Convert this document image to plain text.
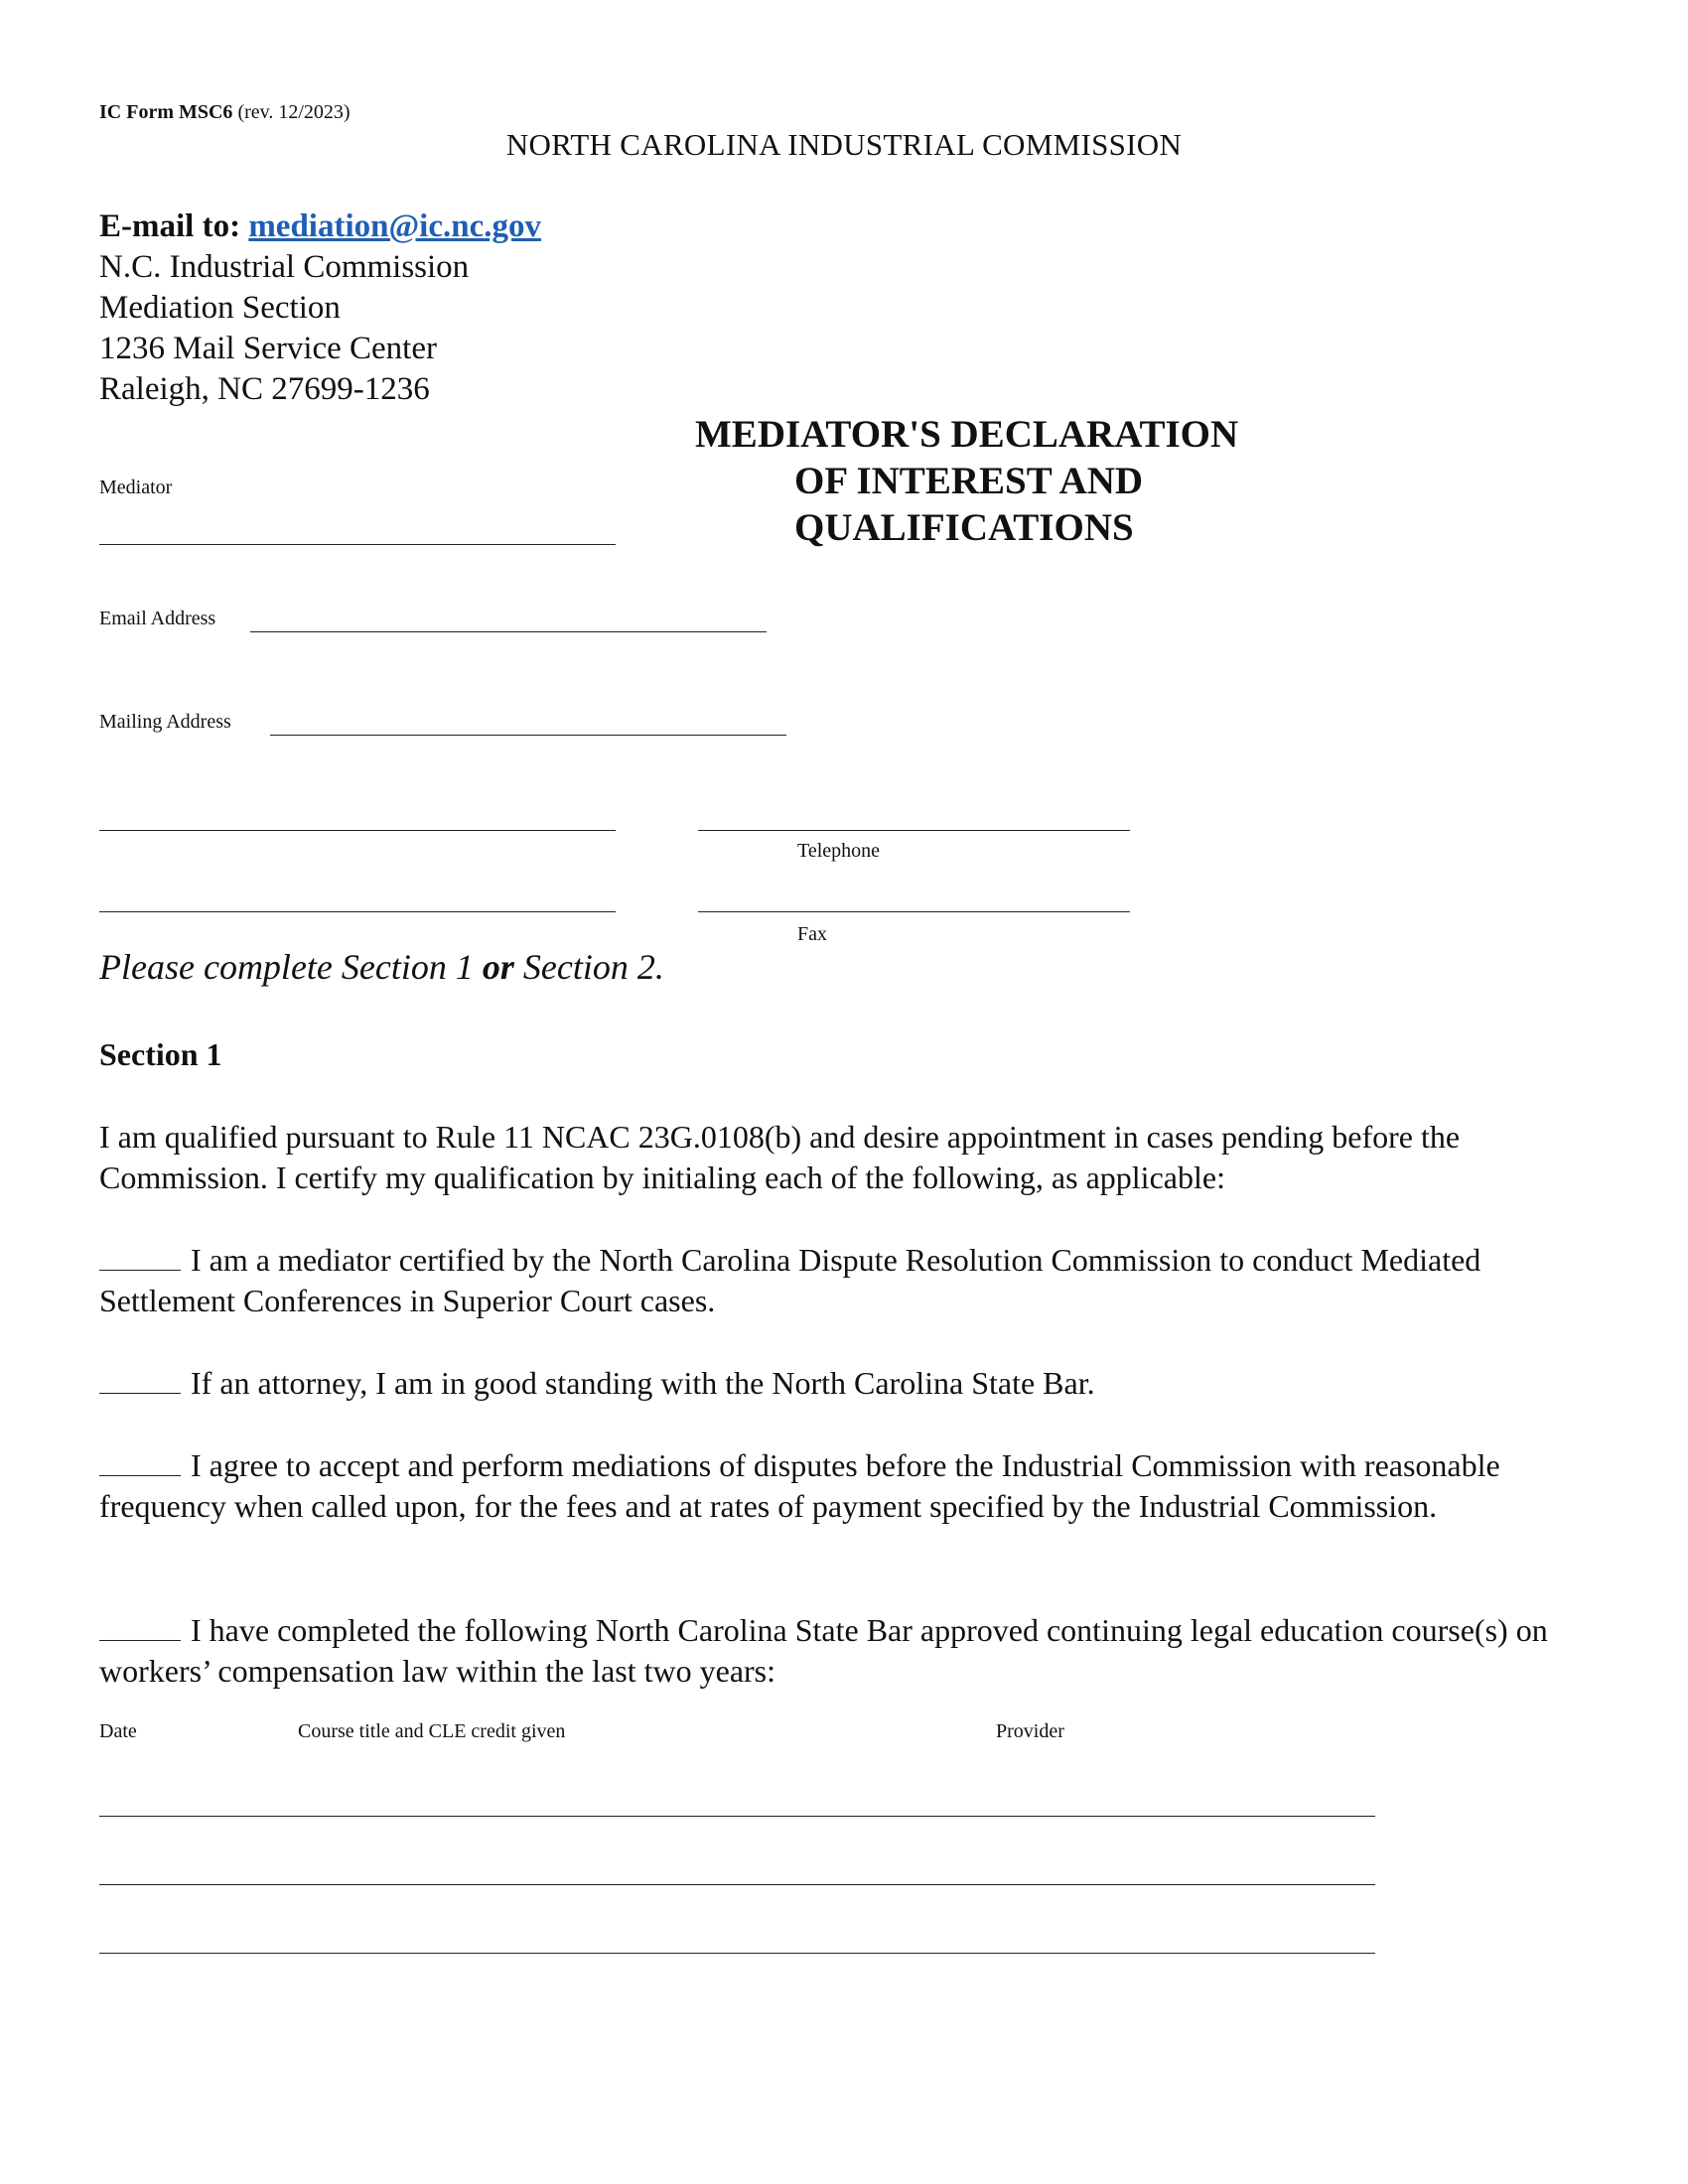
IC Form MSC6 (rev. 12/2023)
NORTH CAROLINA INDUSTRIAL COMMISSION
E-mail to: mediation@ic.nc.gov
N.C. Industrial Commission
Mediation Section
1236 Mail Service Center
Raleigh, NC 27699-1236
MEDIATOR'S DECLARATION
OF INTEREST AND
QUALIFICATIONS
Mediator
Email Address
Mailing Address
Telephone
Fax
Please complete Section 1 or Section 2.
Section 1
I am qualified pursuant to Rule 11 NCAC 23G.0108(b) and desire appointment in cases pending before the Commission. I certify my qualification by initialing each of the following, as applicable:
I am a mediator certified by the North Carolina Dispute Resolution Commission to conduct Mediated Settlement Conferences in Superior Court cases.
If an attorney, I am in good standing with the North Carolina State Bar.
I agree to accept and perform mediations of disputes before the Industrial Commission with reasonable frequency when called upon, for the fees and at rates of payment specified by the Industrial Commission.
I have completed the following North Carolina State Bar approved continuing legal education course(s) on workers’ compensation law within the last two years:
Date	Course title and CLE credit given	Provider
